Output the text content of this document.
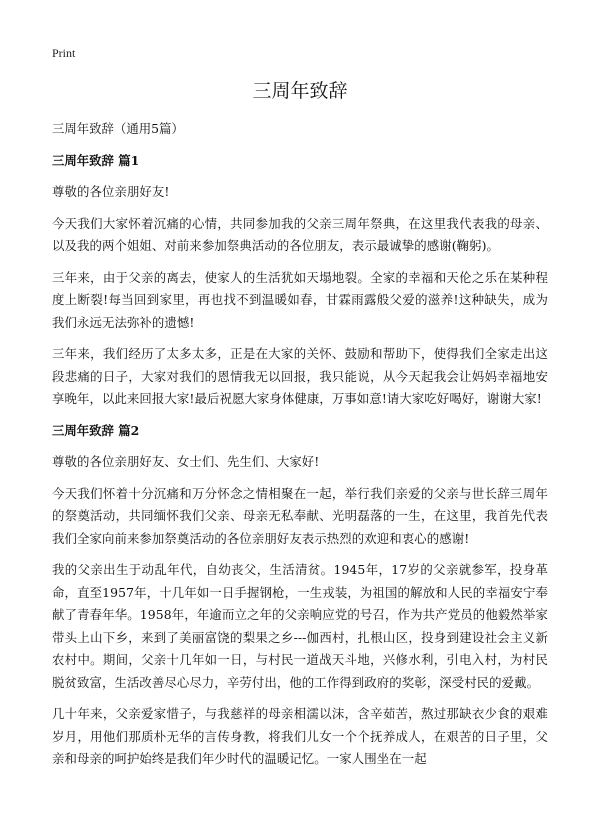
Print
三周年致辞

三周年致辞（通用5篇）

三周年致辞 篇1

尊敬的各位亲朋好友!

今天我们大家怀着沉痛的心情，共同参加我的父亲三周年祭典，在这里我代表我的母亲、以及我的两个姐姐、对前来参加祭典活动的各位朋友，表示最诚挚的感谢(鞠躬)。

三年来，由于父亲的离去，使家人的生活犹如天塌地裂。全家的幸福和天伦之乐在某种程度上断裂!每当回到家里，再也找不到温暖如春，甘霖雨露般父爱的滋养!这种缺失，成为我们永远无法弥补的遗憾!

三年来，我们经历了太多太多，正是在大家的关怀、鼓励和帮助下，使得我们全家走出这段悲痛的日子，大家对我们的恩情我无以回报，我只能说，从今天起我会让妈妈幸福地安享晚年，以此来回报大家!最后祝愿大家身体健康，万事如意!请大家吃好喝好，谢谢大家!

三周年致辞 篇2

尊敬的各位亲朋好友、女士们、先生们、大家好!

今天我们怀着十分沉痛和万分怀念之情相聚在一起，举行我们亲爱的父亲与世长辞三周年的祭奠活动，共同缅怀我们父亲、母亲无私奉献、光明磊落的一生，在这里，我首先代表我们全家向前来参加祭奠活动的各位亲朋好友表示热烈的欢迎和衷心的感谢!

我的父亲出生于动乱年代，自幼丧父，生活清贫。1945年，17岁的父亲就参军，投身革命，直至1957年，十几年如一日手握钢枪，一生戎装，为祖国的解放和人民的幸福安宁奉献了青春年华。1958年，年逾而立之年的父亲响应党的号召，作为共产党员的他毅然举家带头上山下乡，来到了美丽富饶的梨果之乡---伽西村，扎根山区，投身到建设社会主义新农村中。期间，父亲十几年如一日，与村民一道战天斗地，兴修水利，引电入村，为村民脱贫致富，生活改善尽心尽力，辛劳付出，他的工作得到政府的奖彰，深受村民的爱戴。

几十年来，父亲爱家惜子，与我慈祥的母亲相濡以沫，含辛茹苦，熬过那缺衣少食的艰难岁月，用他们那质朴无华的言传身教，将我们儿女一个个抚养成人，在艰苦的日子里，父亲和母亲的呵护始终是我们年少时代的温暖记忆。一家人围坐在一起
